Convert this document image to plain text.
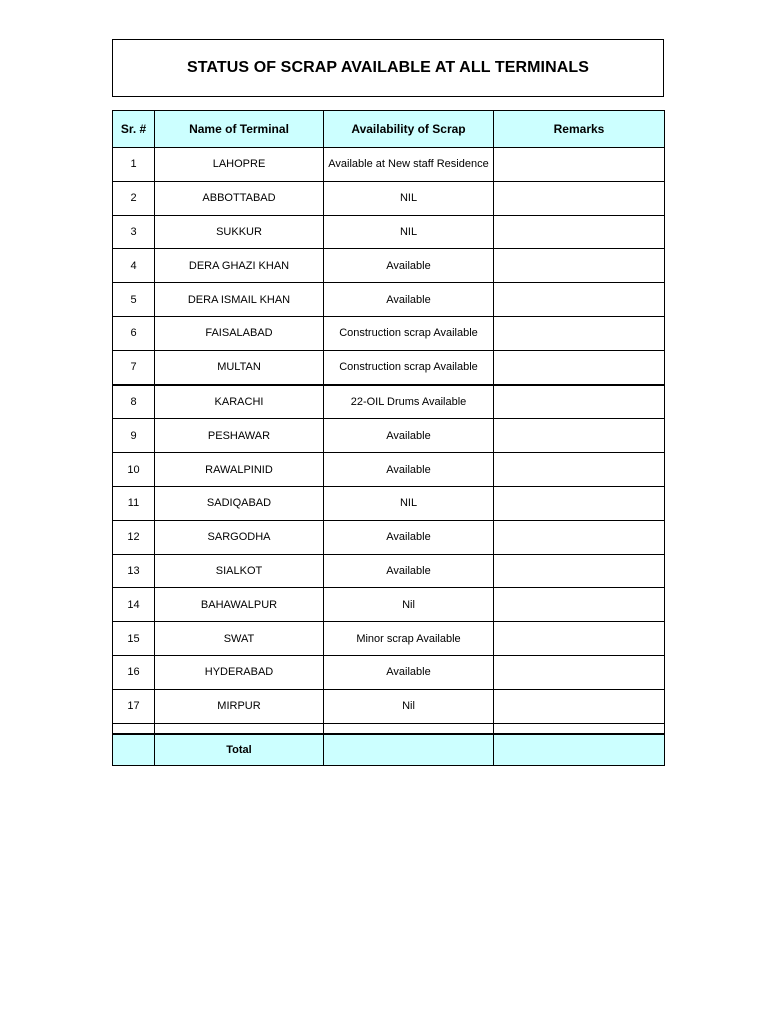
STATUS OF SCRAP AVAILABLE AT ALL TERMINALS
Sr. #	Name of Terminal	Availability of Scrap	Remarks
1	LAHOPRE	Available at New staff Residence	
2	ABBOTTABAD	NIL	
3	SUKKUR	NIL	
4	DERA GHAZI KHAN	Available	
5	DERA ISMAIL KHAN	Available	
6	FAISALABAD	Construction scrap Available	
7	MULTAN	Construction scrap Available	
8	KARACHI	22-OIL Drums Available	
9	PESHAWAR	Available	
10	RAWALPINID	Available	
11	SADIQABAD	NIL	
12	SARGODHA	Available	
13	SIALKOT	Available	
14	BAHAWALPUR	Nil	
15	SWAT	Minor scrap Available	
16	HYDERABAD	Available	
17	MIRPUR	Nil	

	Total		
